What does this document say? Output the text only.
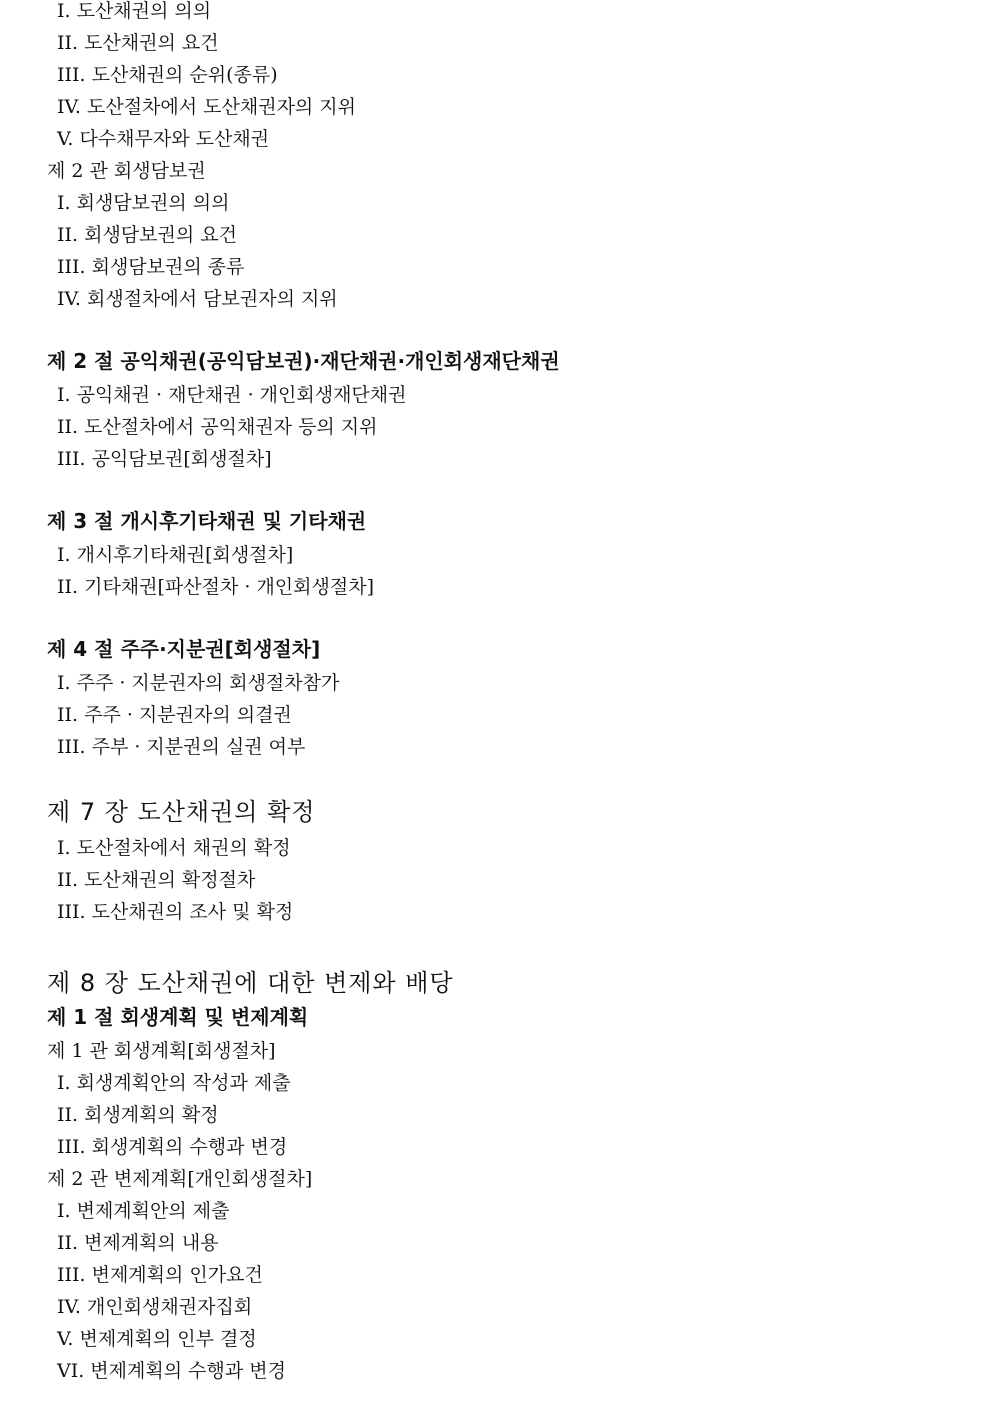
I. 도산채권의 의의
II. 도산채권의 요건
III. 도산채권의 순위(종류)
IV. 도산절차에서 도산채권자의 지위
V. 다수채무자와 도산채권
제 2 관 회생담보권
I. 회생담보권의 의의
II. 회생담보권의 요건
III. 회생담보권의 종류
IV. 회생절차에서 담보권자의 지위
제 2 절 공익채권(공익담보권)·재단채권·개인회생재단채권
I. 공익채권 · 재단채권 · 개인회생재단채권
II. 도산절차에서 공익채권자 등의 지위
III. 공익담보권[회생절차]
제 3 절 개시후기타채권 및 기타채권
I. 개시후기타채권[회생절차]
II. 기타채권[파산절차 · 개인회생절차]
제 4 절 주주·지분권[회생절차]
I. 주주 · 지분권자의 회생절차참가
II. 주주 · 지분권자의 의결권
III. 주부 · 지분권의 실권 여부
제 7 장 도산채권의 확정
I. 도산절차에서 채권의 확정
II. 도산채권의 확정절차
III. 도산채권의 조사 및 확정
제 8 장 도산채권에 대한 변제와 배당
제 1 절 회생계획 및 변제계획
제 1 관 회생계획[회생절차]
I. 회생계획안의 작성과 제출
II. 회생계획의 확정
III. 회생계획의 수행과 변경
제 2 관 변제계획[개인회생절차]
I. 변제계획안의 제출
II. 변제계획의 내용
III. 변제계획의 인가요건
IV. 개인회생채권자집회
V. 변제계획의 인부 결정
VI. 변제계획의 수행과 변경
